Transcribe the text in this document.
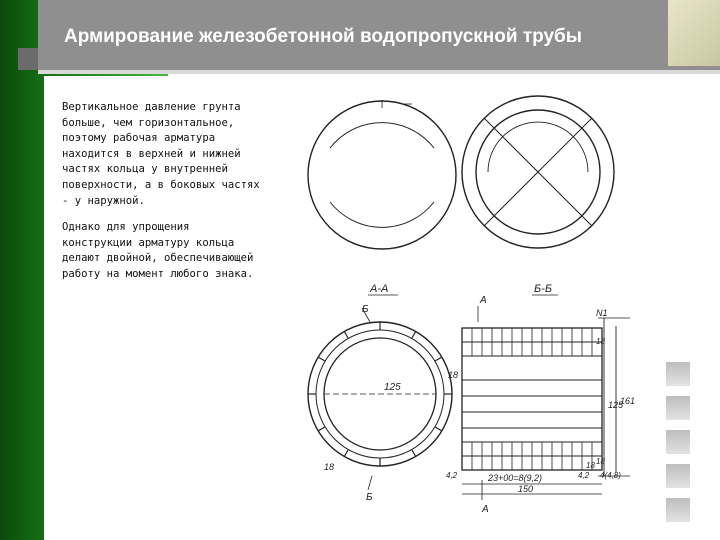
Армирование железобетонной водопропускной трубы

Вертикальное давление грунта больше, чем горизонтальное, поэтому рабочая арматура находится в верхней и нижней частях кольца у внутренней поверхности, а в боковых частях - у наружной.

Однако для упрощения конструкции арматуру кольца делают двойной, обеспечивающей работу на момент любого знака.

А-А
Б
Б
125
18
18
Б-Б
А
А
N1
18
18
125
161
23+00=8(9,2)
150
4,2	4,2 4(4,8)
18
